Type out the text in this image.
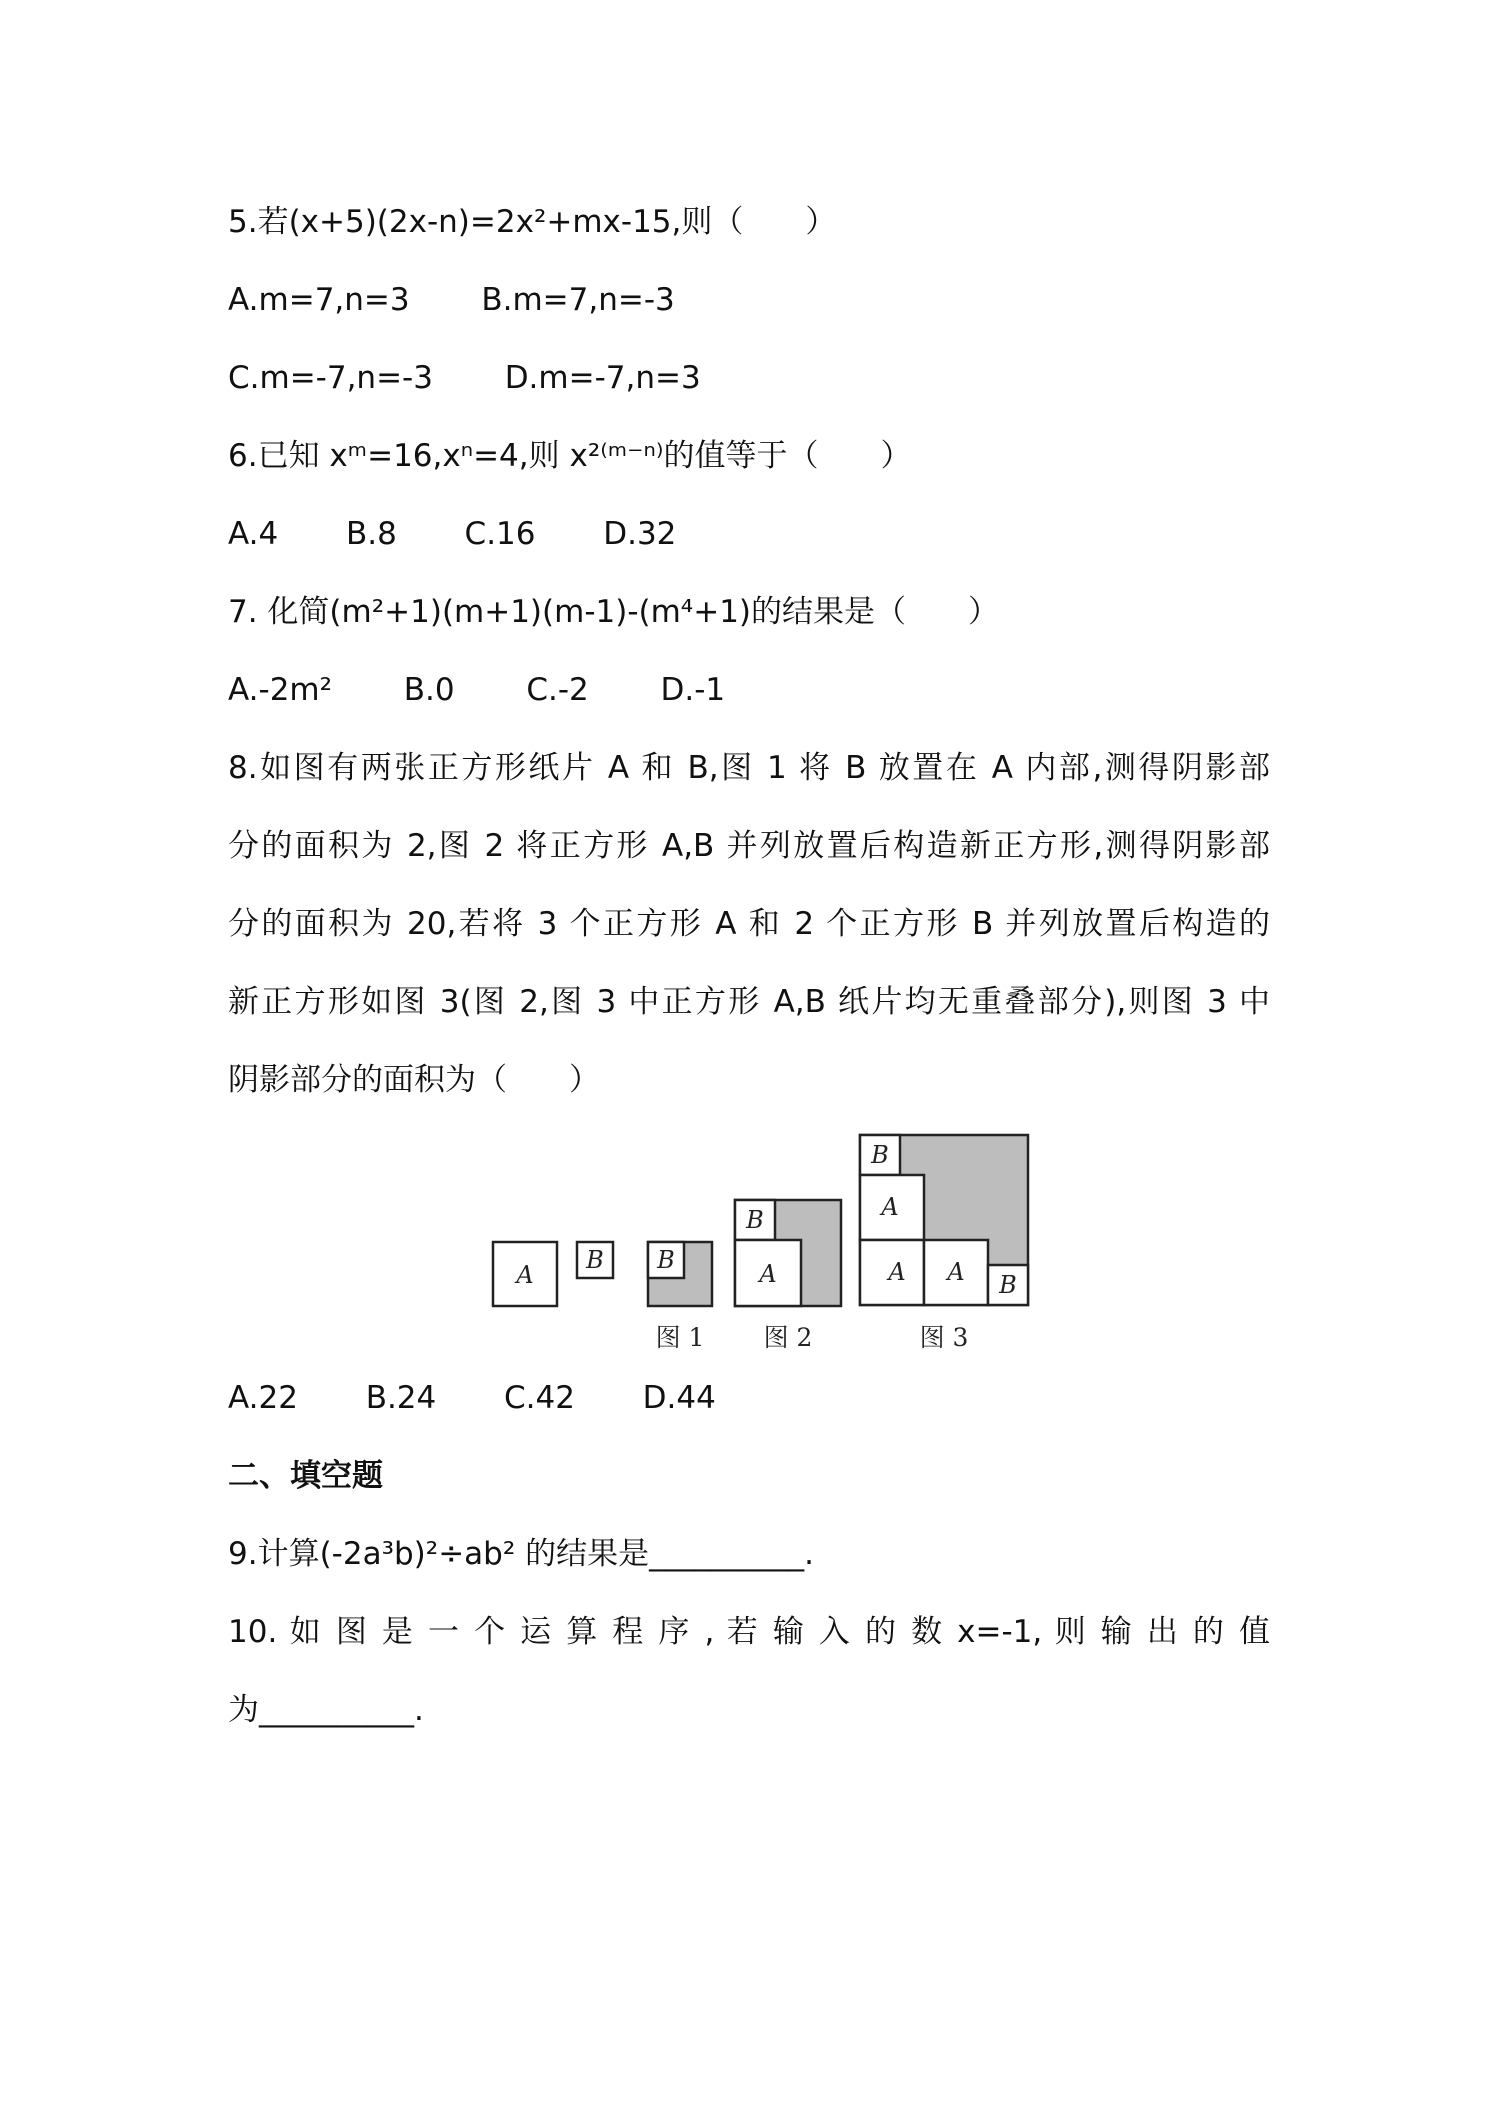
5.若(x+5)(2x-n)=2x²+mx-15,则（　　）
A.m=7,n=3 B.m=7,n=-3
C.m=-7,n=-3 D.m=-7,n=3
6.已知 xᵐ=16,xⁿ=4,则 x²⁽ᵐ⁻ⁿ⁾的值等于（　　）
A.4 B.8 C.16 D.32
7. 化简(m²+1)(m+1)(m-1)-(m⁴+1)的结果是（　　）
A.-2m² B.0 C.-2 D.-1
8.如图有两张正方形纸片 A 和 B,图 1 将 B 放置在 A 内部,测得阴影部
分的面积为 2,图 2 将正方形 A,B 并列放置后构造新正方形,测得阴影部
分的面积为 20,若将 3 个正方形 A 和 2 个正方形 B 并列放置后构造的
新正方形如图 3(图 2,图 3 中正方形 A,B 纸片均无重叠部分),则图 3 中
阴影部分的面积为（　　）
A
B B
B
A
B
A
A A B
图 1 图 2	图 3
A.22 B.24 C.42 D.44
二、填空题
9.计算(-2a³b)²÷ab² 的结果是__________.
10. 如 图 是 一 个 运 算 程 序 , 若 输 入 的 数 x=-1, 则 输 出 的 值
为__________.
